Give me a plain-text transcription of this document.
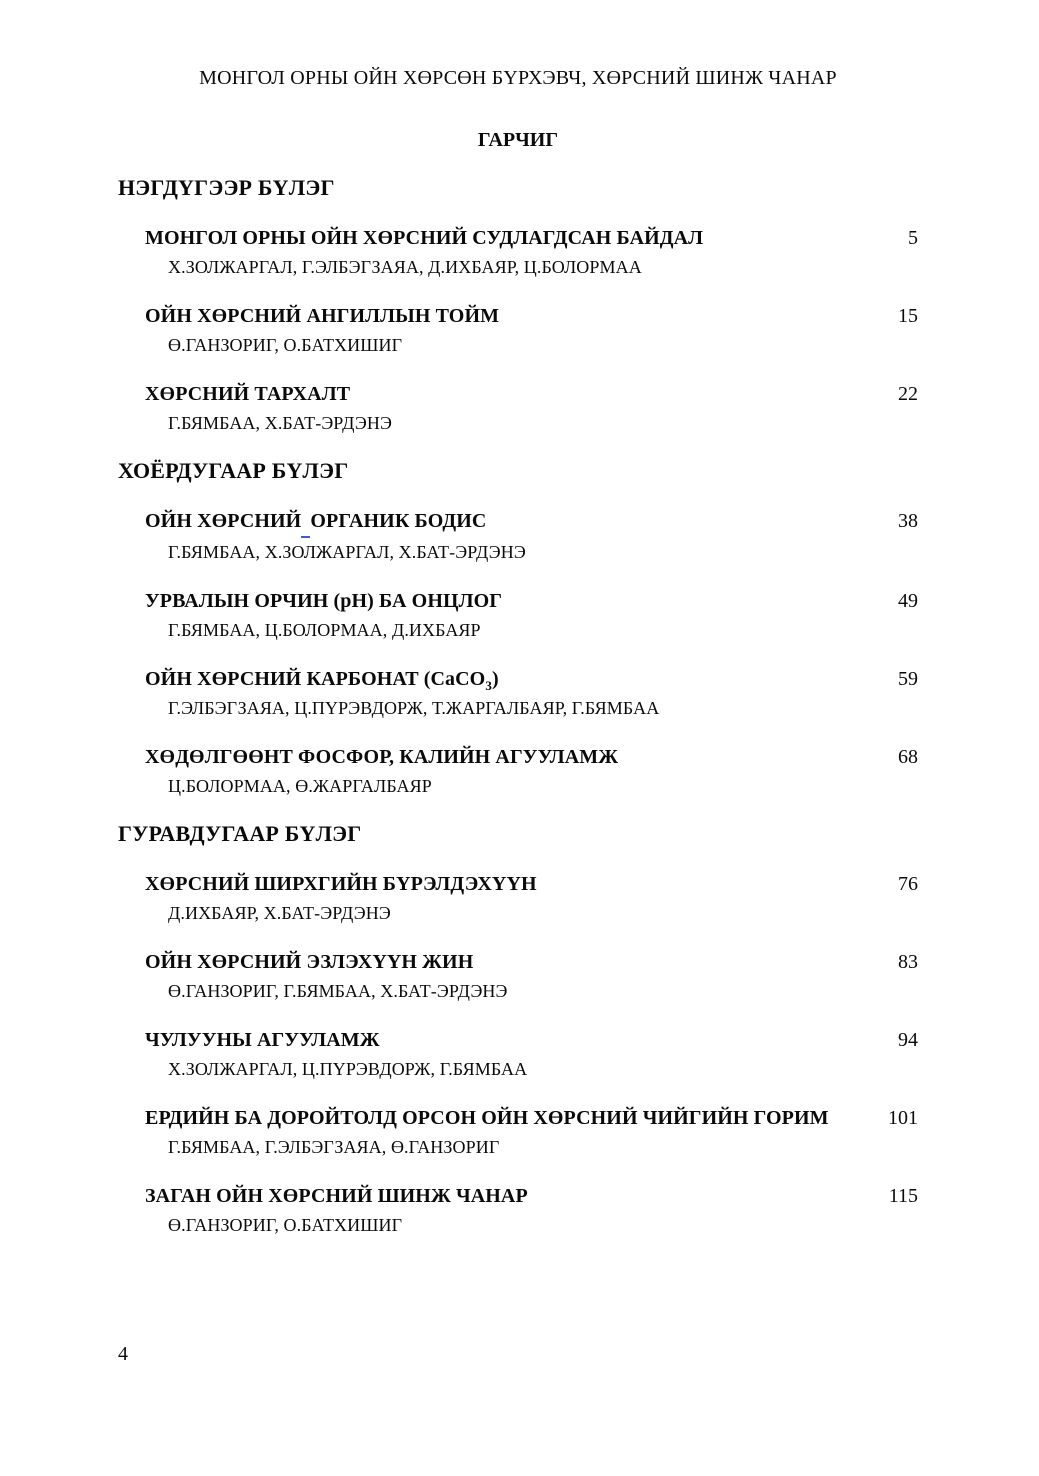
МОНГОЛ ОРНЫ ОЙН ХӨРСӨН БҮРХЭВЧ, ХӨРСНИЙ ШИНЖ ЧАНАР
ГАРЧИГ
НЭГДҮГЭЭР БҮЛЭГ
МОНГОЛ ОРНЫ ОЙН ХӨРСНИЙ СУДЛАГДСАН БАЙДАЛ	5
Х.ЗОЛЖАРГАЛ, Г.ЭЛБЭГЗАЯА, Д.ИХБАЯР, Ц.БОЛОРМАА
ОЙН ХӨРСНИЙ АНГИЛЛЫН ТОЙМ	15
Ө.ГАНЗОРИГ, О.БАТХИШИГ
ХӨРСНИЙ ТАРХАЛТ	22
Г.БЯМБАА, Х.БАТ-ЭРДЭНЭ
ХОЁРДУГААР БҮЛЭГ
ОЙН ХӨРСНИЙ ОРГАНИК БОДИС	38
Г.БЯМБАА, Х.ЗОЛЖАРГАЛ, Х.БАТ-ЭРДЭНЭ
УРВАЛЫН ОРЧИН (pH) БА ОНЦЛОГ	49
Г.БЯМБАА, Ц.БОЛОРМАА, Д.ИХБАЯР
ОЙН ХӨРСНИЙ КАРБОНАТ (CaCO$_3$)	59
Г.ЭЛБЭГЗАЯА, Ц.ПҮРЭВДОРЖ, Т.ЖАРГАЛБАЯР, Г.БЯМБАА
ХӨДӨЛГӨӨНТ ФОСФОР, КАЛИЙН АГУУЛАМЖ	68
Ц.БОЛОРМАА, Ө.ЖАРГАЛБАЯР
ГУРАВДУГААР БҮЛЭГ
ХӨРСНИЙ ШИРХГИЙН БҮРЭЛДЭХҮҮН	76
Д.ИХБАЯР, Х.БАТ-ЭРДЭНЭ
ОЙН ХӨРСНИЙ ЭЗЛЭХҮҮН ЖИН	83
Ө.ГАНЗОРИГ, Г.БЯМБАА, Х.БАТ-ЭРДЭНЭ
ЧУЛУУНЫ АГУУЛАМЖ	94
Х.ЗОЛЖАРГАЛ, Ц.ПҮРЭВДОРЖ, Г.БЯМБАА
ЕРДИЙН БА ДОРОЙТОЛД ОРСОН ОЙН ХӨРСНИЙ ЧИЙГИЙН ГОРИМ	101
Г.БЯМБАА, Г.ЭЛБЭГЗАЯА, Ө.ГАНЗОРИГ
ЗАГАН ОЙН ХӨРСНИЙ ШИНЖ ЧАНАР	115
Ө.ГАНЗОРИГ, О.БАТХИШИГ
4
